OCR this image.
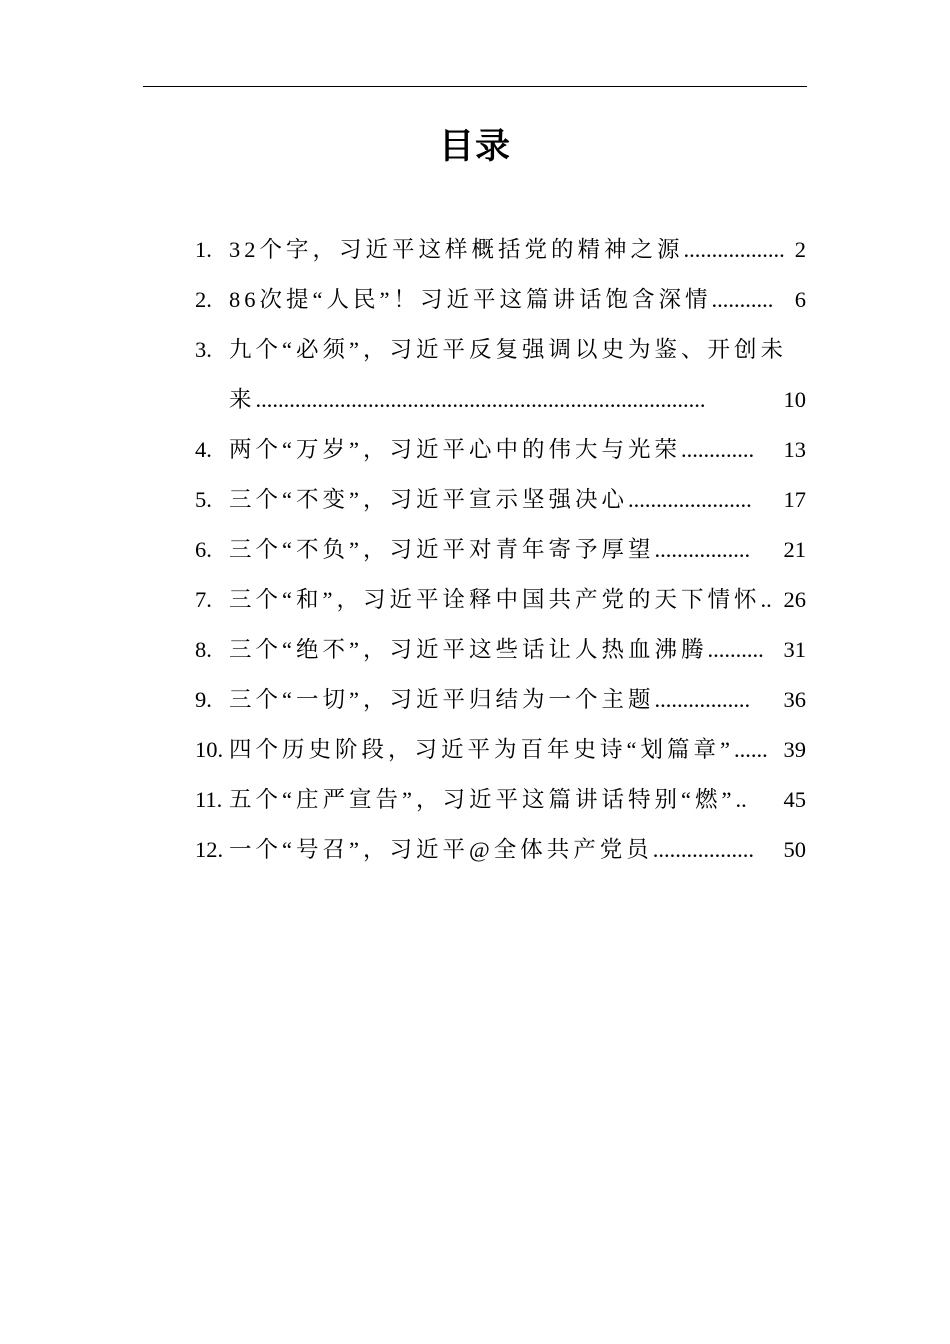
目录
1. 32个字，习近平这样概括党的精神之源.................. 2
2. 86次提“人民”！习近平这篇讲话饱含深情........... 6
3. 九个“必须”，习近平反复强调以史为鉴、开创未
来................................................................................	10
4. 两个“万岁”，习近平心中的伟大与光荣.............	13
5. 三个“不变”，习近平宣示坚强决心......................	17
6. 三个“不负”，习近平对青年寄予厚望.................	21
7. 三个“和”，习近平诠释中国共产党的天下情怀.. 26
8. 三个“绝不”，习近平这些话让人热血沸腾.......... 31
9. 三个“一切”，习近平归结为一个主题.................	36
10. 四个历史阶段，习近平为百年史诗“划篇章”...... 39
11. 五个“庄严宣告”，习近平这篇讲话特别“燃”..	45
12. 一个“号召”，习近平@全体共产党员..................	50
